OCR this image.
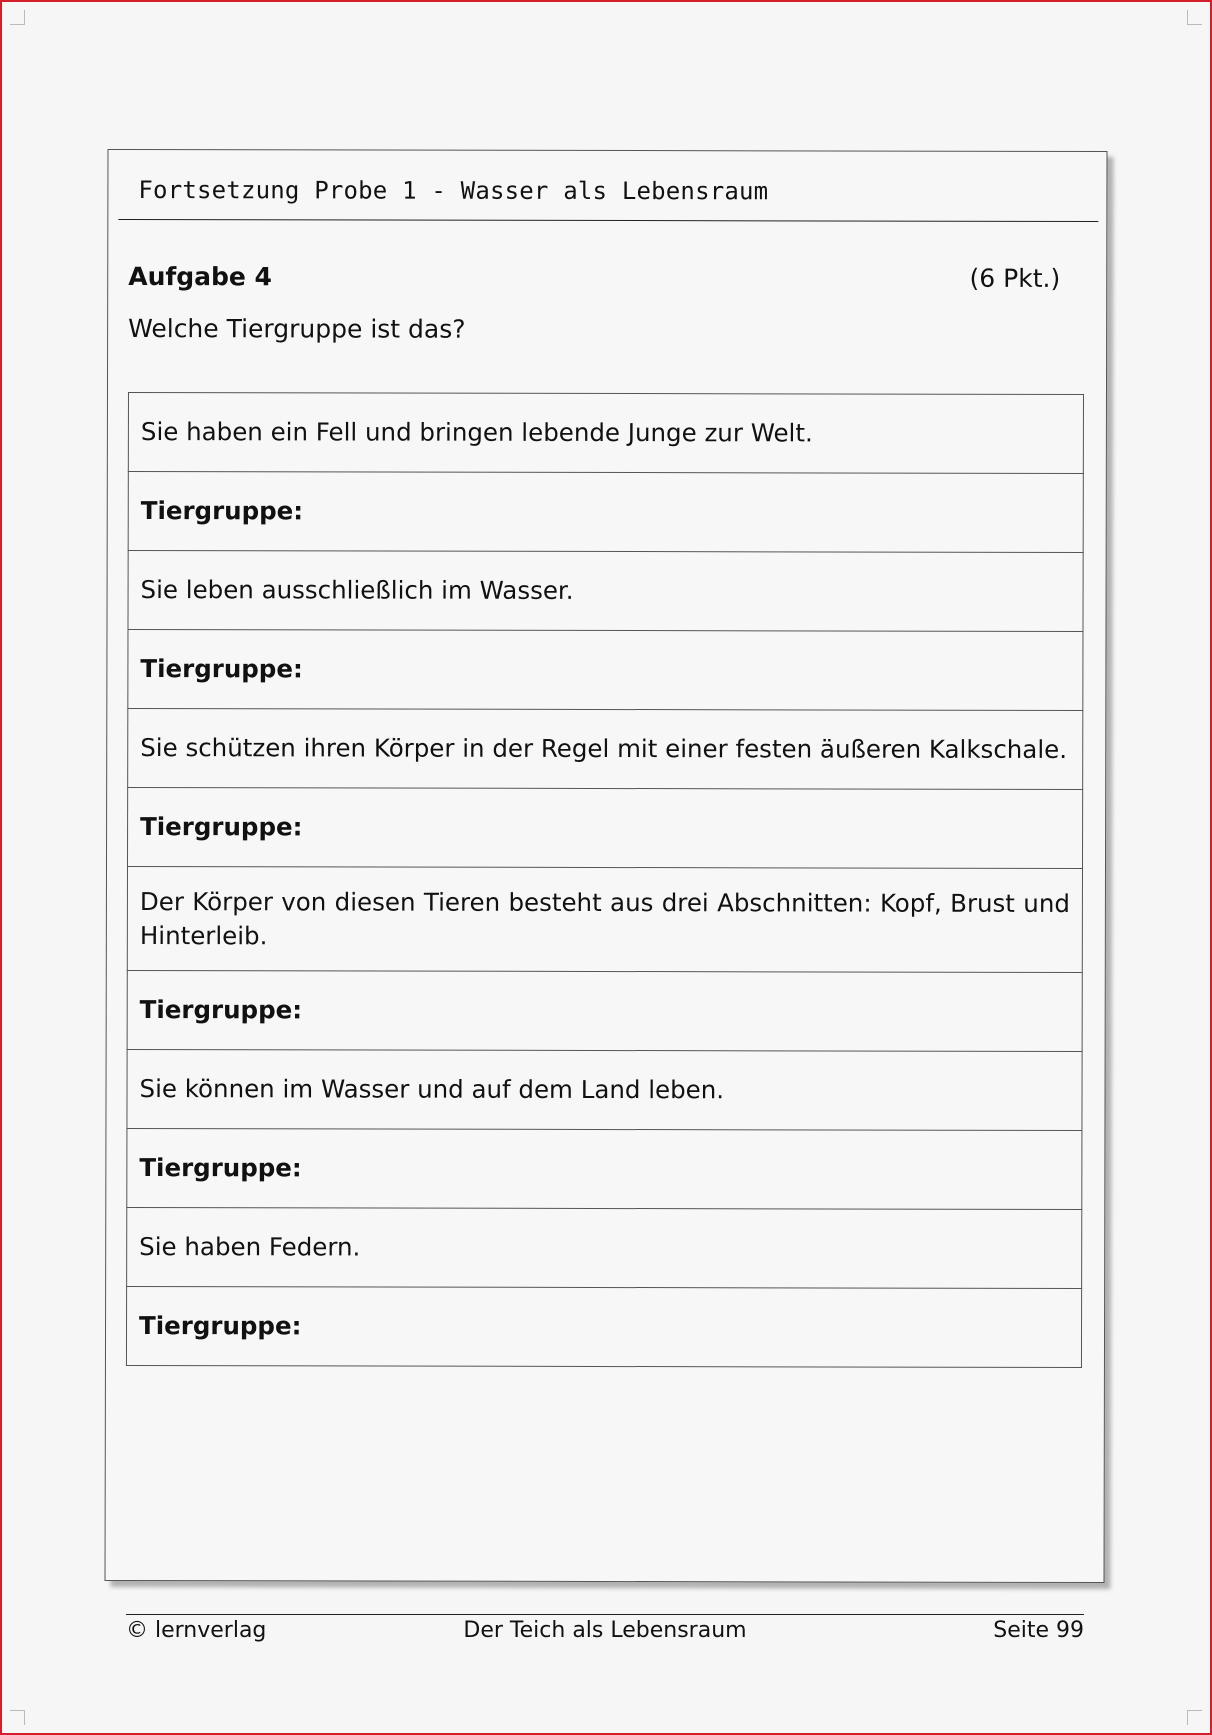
Fortsetzung Probe 1 - Wasser als Lebensraum
Aufgabe 4	(6 Pkt.)
Welche Tiergruppe ist das?
Sie haben ein Fell und bringen lebende Junge zur Welt.
Tiergruppe:
Sie leben ausschließlich im Wasser.
Tiergruppe:
Sie schützen ihren Körper in der Regel mit einer festen äußeren Kalkschale.
Tiergruppe:
Der Körper von diesen Tieren besteht aus drei Abschnitten: Kopf, Brust und Hinterleib.
Tiergruppe:
Sie können im Wasser und auf dem Land leben.
Tiergruppe:
Sie haben Federn.
Tiergruppe:
© lernverlag	Der Teich als Lebensraum	Seite 99
